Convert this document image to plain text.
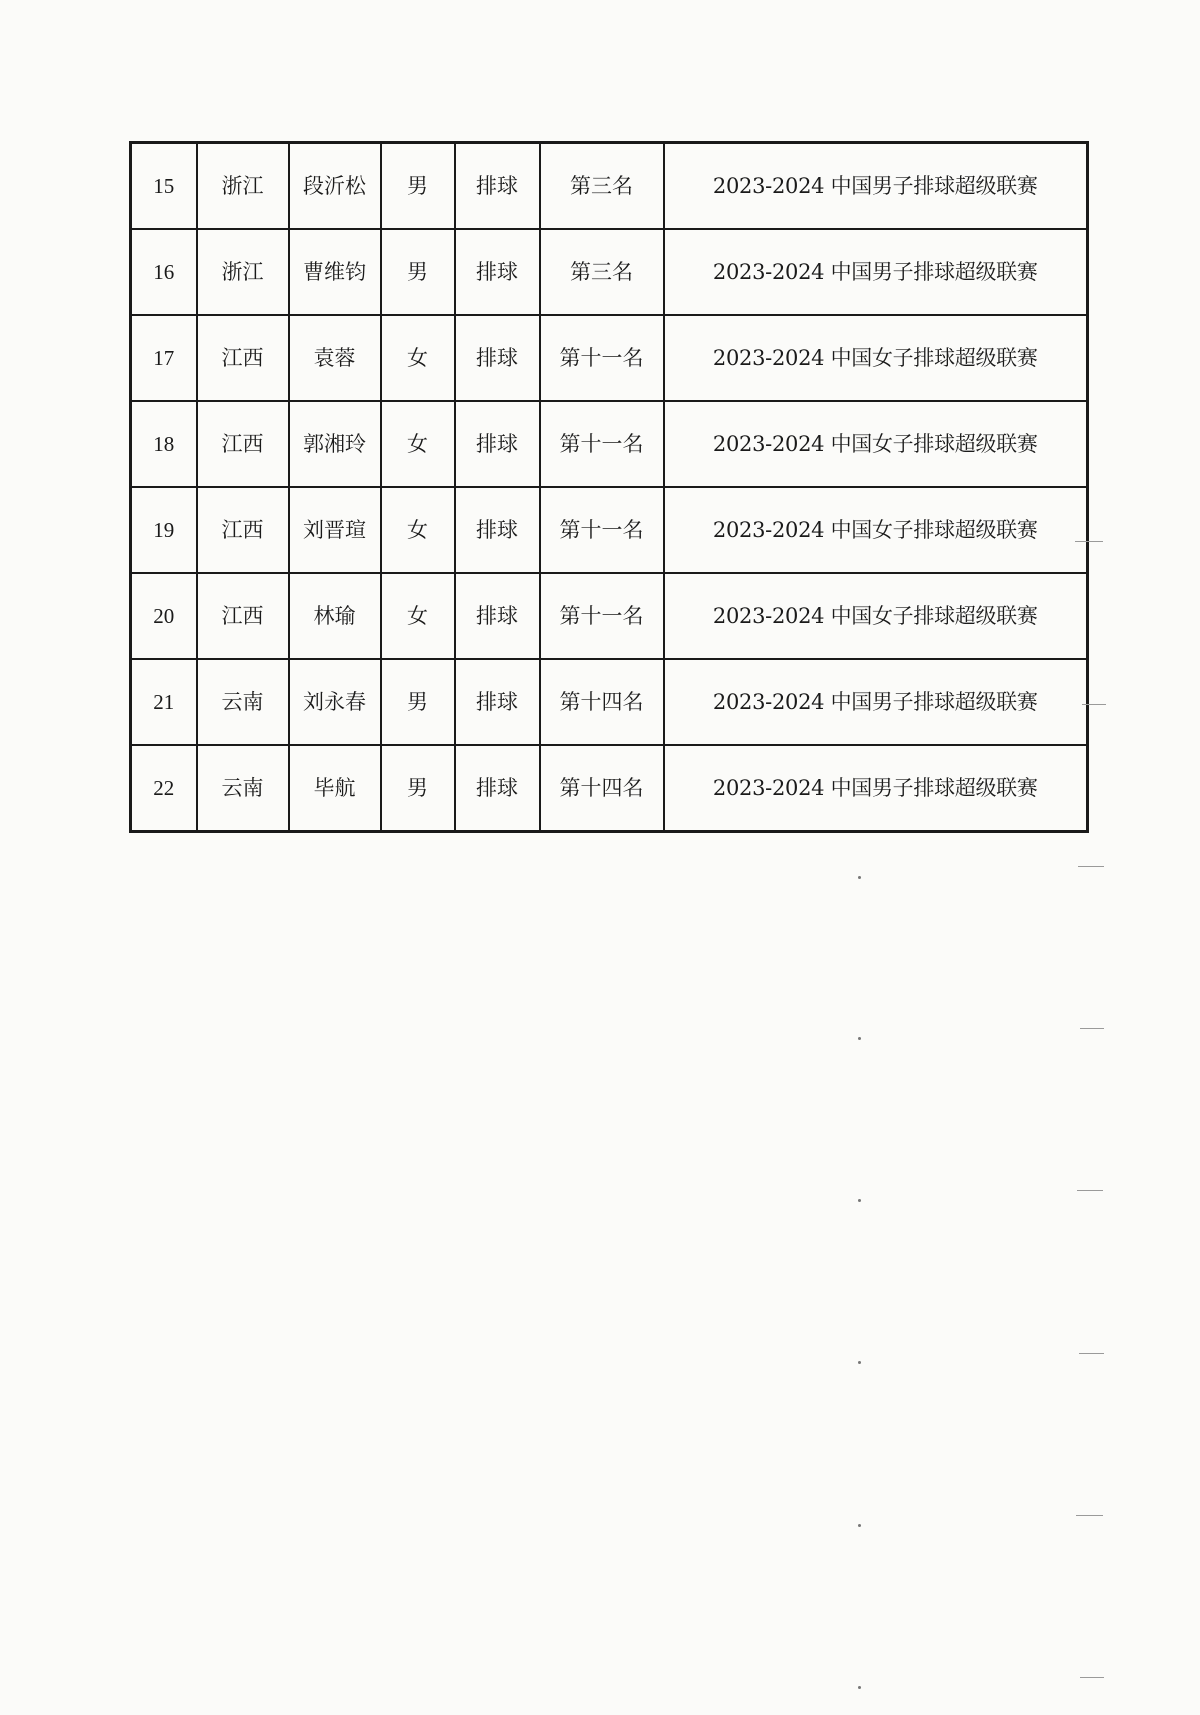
15	浙江	段沂松	男	排球	第三名	2023-2024 中国男子排球超级联赛
16	浙江	曹维钧	男	排球	第三名	2023-2024 中国男子排球超级联赛
17	江西	袁蓉	女	排球	第十一名	2023-2024 中国女子排球超级联赛
18	江西	郭湘玲	女	排球	第十一名	2023-2024 中国女子排球超级联赛
19	江西	刘晋瑄	女	排球	第十一名	2023-2024 中国女子排球超级联赛
20	江西	林瑜	女	排球	第十一名	2023-2024 中国女子排球超级联赛
21	云南	刘永春	男	排球	第十四名	2023-2024 中国男子排球超级联赛
22	云南	毕航	男	排球	第十四名	2023-2024 中国男子排球超级联赛
